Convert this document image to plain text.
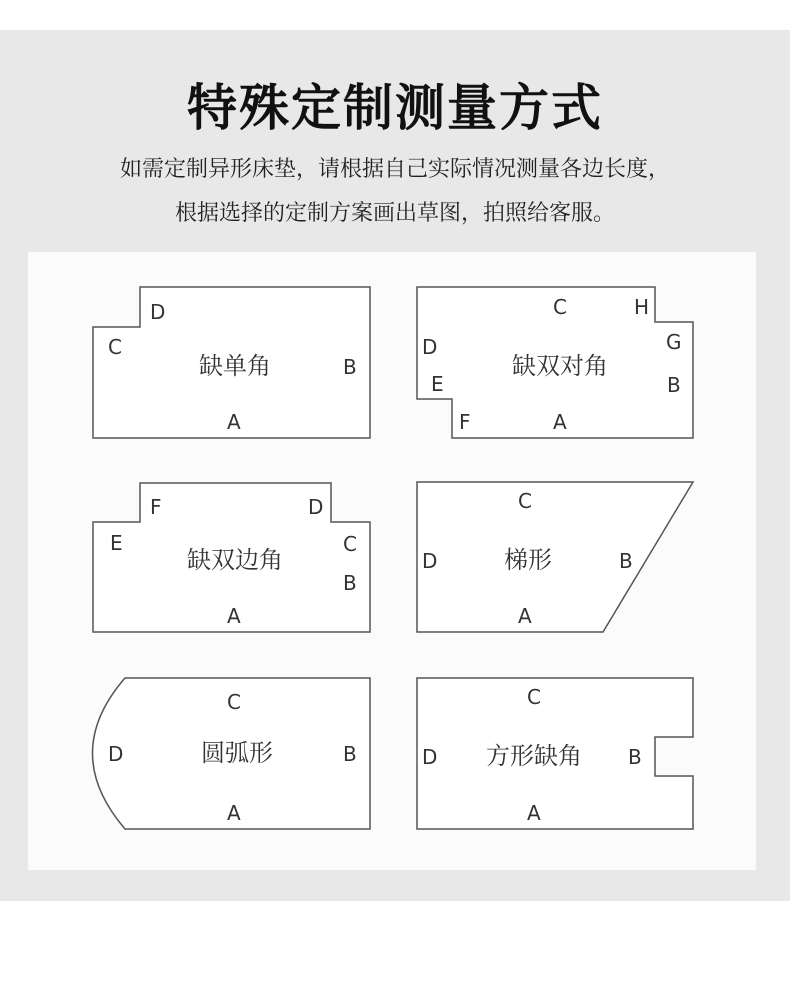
特殊定制测量方式
如需定制异形床垫，请根据自己实际情况测量各边长度，
根据选择的定制方案画出草图，拍照给客服。
D
C
缺单角	B
A
C	H
D	G
缺双对角
E	B
F	A
F	D
E	C
缺双边角
B
A
C
D	梯形	B
A
C
D	圆弧形	B
A
C
D 方形缺角 B
A
